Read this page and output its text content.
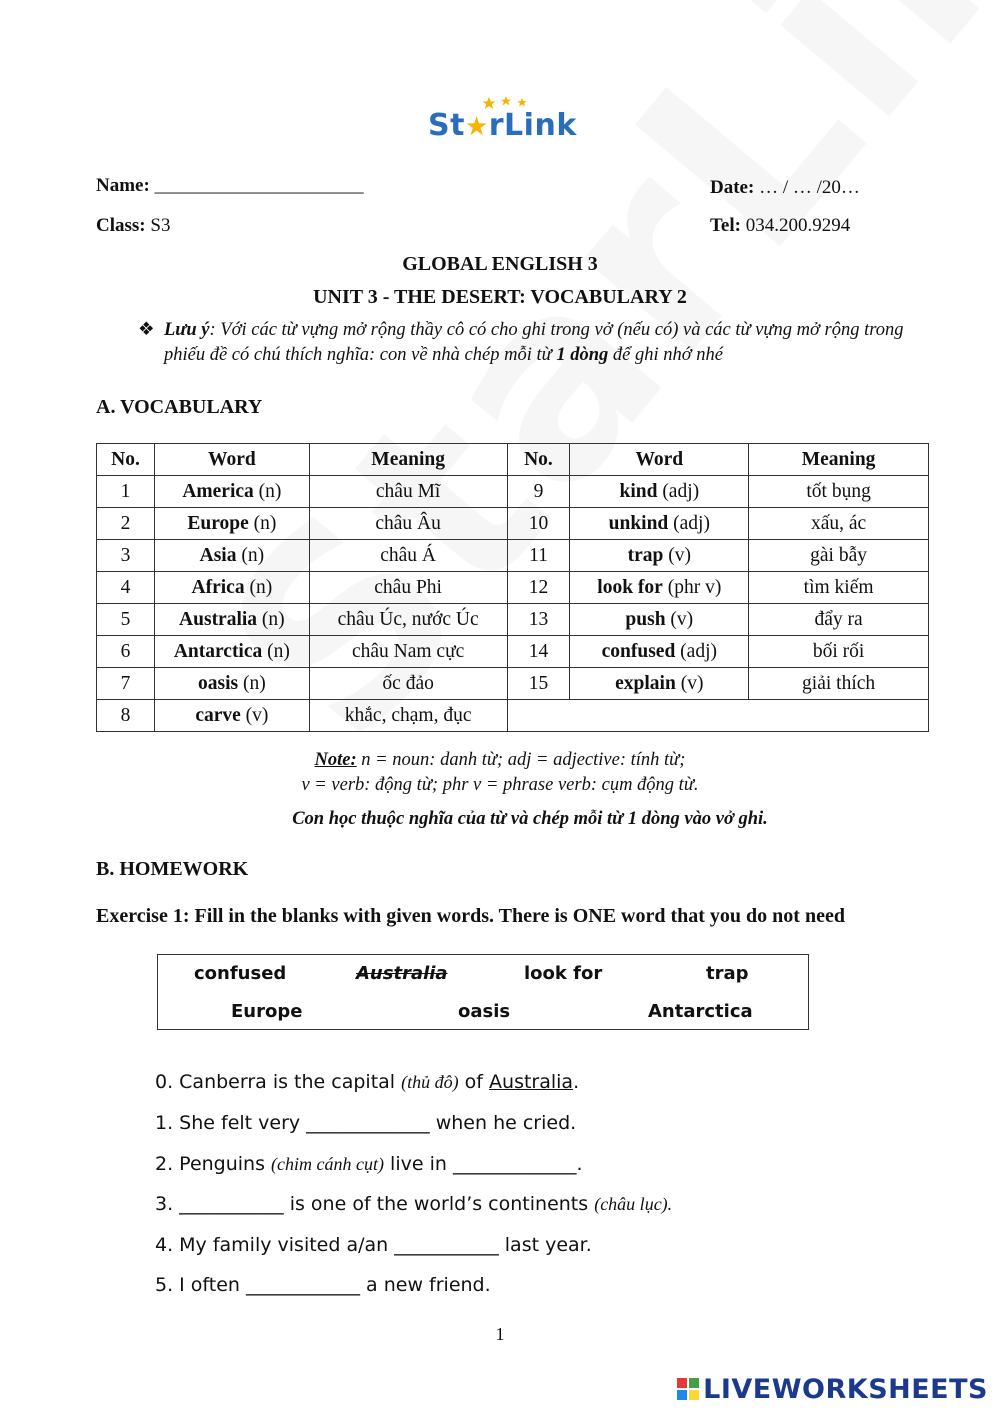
St★rLink
Name: ______________________	Date: … / … /20…
Class: S3	Tel: 034.200.9294
GLOBAL ENGLISH 3
UNIT 3 - THE DESERT: VOCABULARY 2
❖ Lưu ý: Với các từ vựng mở rộng thầy cô có cho ghi trong vở (nếu có) và các từ vựng mở rộng trong phiếu đề có chú thích nghĩa: con về nhà chép mỗi từ 1 dòng để ghi nhớ nhé
A. VOCABULARY
No.	Word	Meaning	No.	Word	Meaning
1	America (n)	châu Mĩ	9	kind (adj)	tốt bụng
2	Europe (n)	châu Âu	10	unkind (adj)	xấu, ác
3	Asia (n)	châu Á	11	trap (v)	gài bẫy
4	Africa (n)	châu Phi	12	look for (phr v)	tìm kiếm
5	Australia (n)	châu Úc, nước Úc	13	push (v)	đẩy ra
6	Antarctica (n)	châu Nam cực	14	confused (adj)	bối rối
7	oasis (n)	ốc đảo	15	explain (v)	giải thích
8	carve (v)	khắc, chạm, đục			
Note: n = noun: danh từ; adj = adjective: tính từ;
v = verb: động từ; phr v = phrase verb: cụm động từ.
Con học thuộc nghĩa của từ và chép mỗi từ 1 dòng vào vở ghi.
B. HOMEWORK
Exercise 1: Fill in the blanks with given words. There is ONE word that you do not need
confused	Australia	look for	trap
Europe	oasis	Antarctica
0. Canberra is the capital (thủ đô) of Australia.
1. She felt very _____________ when he cried.
2. Penguins (chim cánh cụt) live in _____________.
3. ___________ is one of the world’s continents (châu lục).
4. My family visited a/an ___________ last year.
5. I often ____________ a new friend.
1
LIVEWORKSHEETS
